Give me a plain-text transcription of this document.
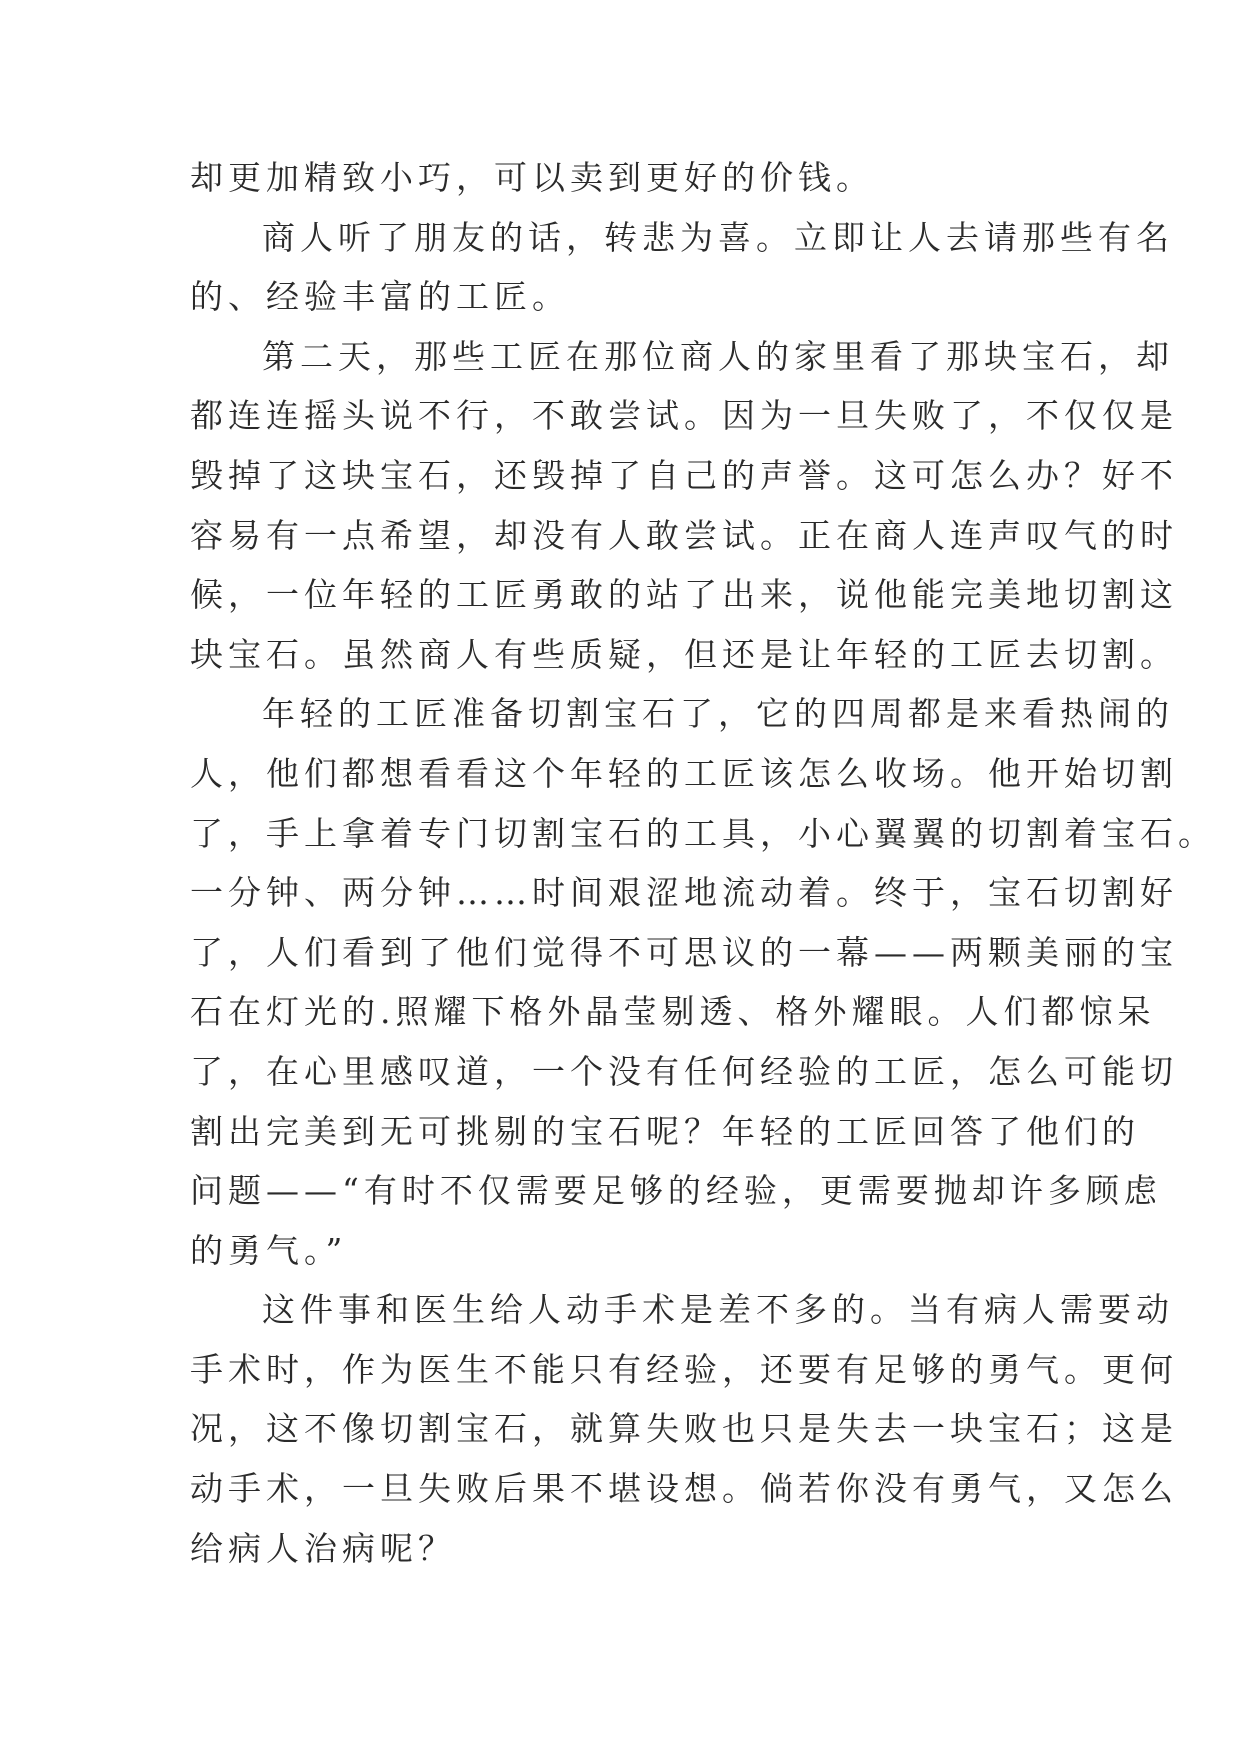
却更加精致小巧，可以卖到更好的价钱。
商人听了朋友的话，转悲为喜。立即让人去请那些有名
的、经验丰富的工匠。
第二天，那些工匠在那位商人的家里看了那块宝石，却
都连连摇头说不行，不敢尝试。因为一旦失败了，不仅仅是
毁掉了这块宝石，还毁掉了自己的声誉。这可怎么办？好不
容易有一点希望，却没有人敢尝试。正在商人连声叹气的时
候，一位年轻的工匠勇敢的站了出来，说他能完美地切割这
块宝石。虽然商人有些质疑，但还是让年轻的工匠去切割。
年轻的工匠准备切割宝石了，它的四周都是来看热闹的
人，他们都想看看这个年轻的工匠该怎么收场。他开始切割
了，手上拿着专门切割宝石的工具，小心翼翼的切割着宝石。
一分钟、两分钟……时间艰涩地流动着。终于，宝石切割好
了，人们看到了他们觉得不可思议的一幕——两颗美丽的宝
石在灯光的.照耀下格外晶莹剔透、格外耀眼。人们都惊呆
了，在心里感叹道，一个没有任何经验的工匠，怎么可能切
割出完美到无可挑剔的宝石呢？年轻的工匠回答了他们的
问题——“有时不仅需要足够的经验，更需要抛却许多顾虑
的勇气。”
这件事和医生给人动手术是差不多的。当有病人需要动
手术时，作为医生不能只有经验，还要有足够的勇气。更何
况，这不像切割宝石，就算失败也只是失去一块宝石；这是
动手术，一旦失败后果不堪设想。倘若你没有勇气，又怎么
给病人治病呢？
